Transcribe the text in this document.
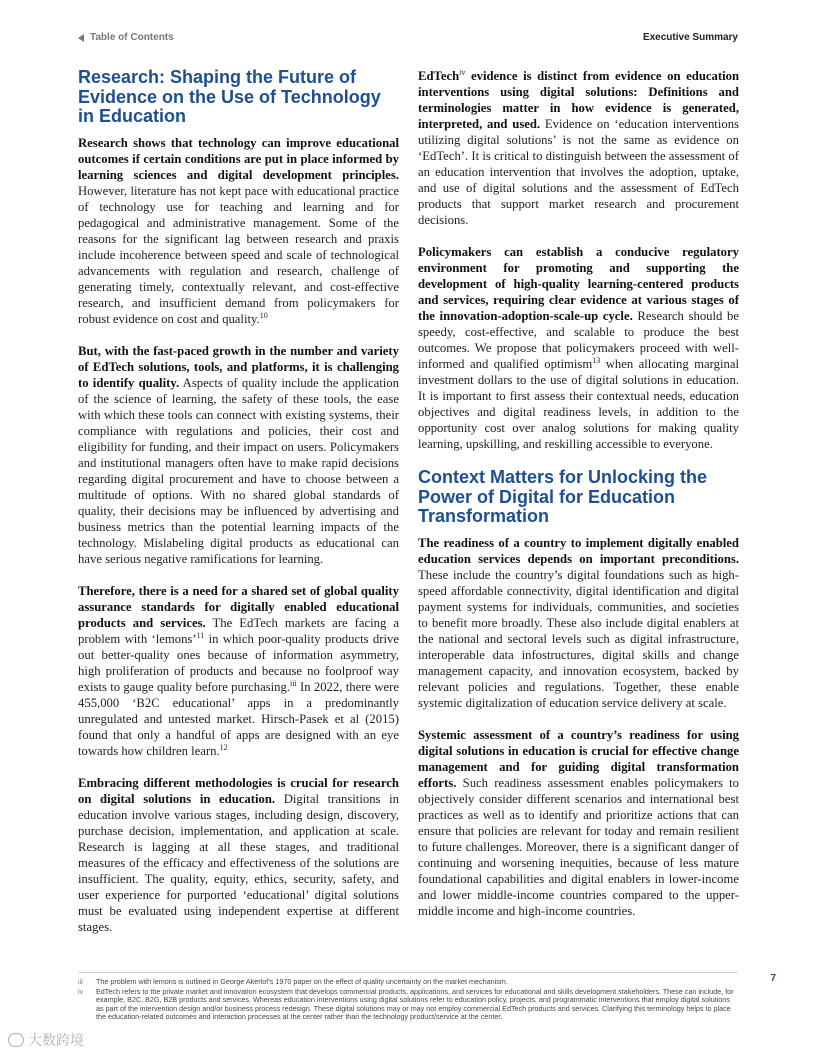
Table of Contents	Executive Summary
Research: Shaping the Future of Evidence on the Use of Technology in Education

Research shows that technology can improve educational outcomes if certain conditions are put in place informed by learning sciences and digital development principles. However, literature has not kept pace with educational practice of technology use for teaching and learning and for pedagogical and administrative management. Some of the reasons for the significant lag between research and praxis include incoherence between speed and scale of technological advancements with regulation and research, challenge of generating timely, contextually relevant, and cost-effective research, and insufficient demand from policymakers for robust evidence on cost and quality.$^{10}$

But, with the fast-paced growth in the number and variety of EdTech solutions, tools, and platforms, it is challenging to identify quality. Aspects of quality include the application of the science of learning, the safety of these tools, the ease with which these tools can connect with existing systems, their compliance with regulations and policies, their cost and eligibility for funding, and their impact on users. Policymakers and institutional managers often have to make rapid decisions regarding digital procurement and have to choose between a multitude of options. With no shared global standards of quality, their decisions may be influenced by advertising and business metrics than the potential learning impacts of the technology. Mislabeling digital products as educational can have serious negative ramifications for learning.

Therefore, there is a need for a shared set of global quality assurance standards for digitally enabled educational products and services. The EdTech markets are facing a problem with ‘lemons’$^{11}$ in which poor-quality products drive out better-quality ones because of information asymmetry, high proliferation of products and because no foolproof way exists to gauge quality before purchasing.$^{iii}$ In 2022, there were 455,000 ‘B2C educational’ apps in a predominantly unregulated and untested market. Hirsch-Pasek et al (2015) found that only a handful of apps are designed with an eye towards how children learn.$^{12}$

Embracing different methodologies is crucial for research on digital solutions in education. Digital transitions in education involve various stages, including design, discovery, purchase decision, implementation, and application at scale. Research is lagging at all these stages, and traditional measures of the efficacy and effectiveness of the solutions are insufficient. The quality, equity, ethics, security, safety, and user experience for purported ‘educational’ digital solutions must be evaluated using independent expertise at different stages.

EdTech$^{iv}$ evidence is distinct from evidence on education interventions using digital solutions: Definitions and terminologies matter in how evidence is generated, interpreted, and used. Evidence on ‘education interventions utilizing digital solutions’ is not the same as evidence on ‘EdTech’. It is critical to distinguish between the assessment of an education intervention that involves the adoption, uptake, and use of digital solutions and the assessment of EdTech products that support market research and procurement decisions.

Policymakers can establish a conducive regulatory environment for promoting and supporting the development of high-quality learning-centered products and services, requiring clear evidence at various stages of the innovation-adoption-scale-up cycle. Research should be speedy, cost-effective, and scalable to produce the best outcomes. We propose that policymakers proceed with well-informed and qualified optimism$^{13}$ when allocating marginal investment dollars to the use of digital solutions in education. It is important to first assess their contextual needs, education objectives and digital readiness levels, in addition to the opportunity cost over analog solutions for making quality learning, upskilling, and reskilling accessible to everyone.

Context Matters for Unlocking the Power of Digital for Education Transformation

The readiness of a country to implement digitally enabled education services depends on important preconditions. These include the country’s digital foundations such as high-speed affordable connectivity, digital identification and digital payment systems for individuals, communities, and societies to benefit more broadly. These also include digital enablers at the national and sectoral levels such as digital infrastructure, interoperable data infostructures, digital skills and change management capacity, and innovation ecosystem, backed by relevant policies and regulations. Together, these enable systemic digitalization of education service delivery at scale.

Systemic assessment of a country’s readiness for using digital solutions in education is crucial for effective change management and for guiding digital transformation efforts. Such readiness assessment enables policymakers to objectively consider different scenarios and international best practices as well as to identify and prioritize actions that can ensure that policies are relevant for today and remain resilient to future challenges. Moreover, there is a significant danger of continuing and worsening inequities, because of less mature foundational capabilities and digital enablers in lower-income and lower middle-income countries compared to the upper-middle income and high-income countries.

iii	The problem with lemons is outlined in George Akerlof’s 1970 paper on the effect of quality uncertainty on the market mechanism.
iv	EdTech refers to the private market and innovation ecosystem that develops commercial products, applications, and services for educational and skills development stakeholders. These can include, for example, B2C, B2G, B2B products and services. Whereas education interventions using digital solutions refer to education policy, projects, and programmatic interventions that employ digital solutions as part of the intervention design and/or business process redesign. These digital solutions may or may not employ commercial EdTech products and services. Clarifying this terminology helps to place the education-related outcomes and interaction processes at the center rather than the technology product/service at the center.
7
大数跨境
